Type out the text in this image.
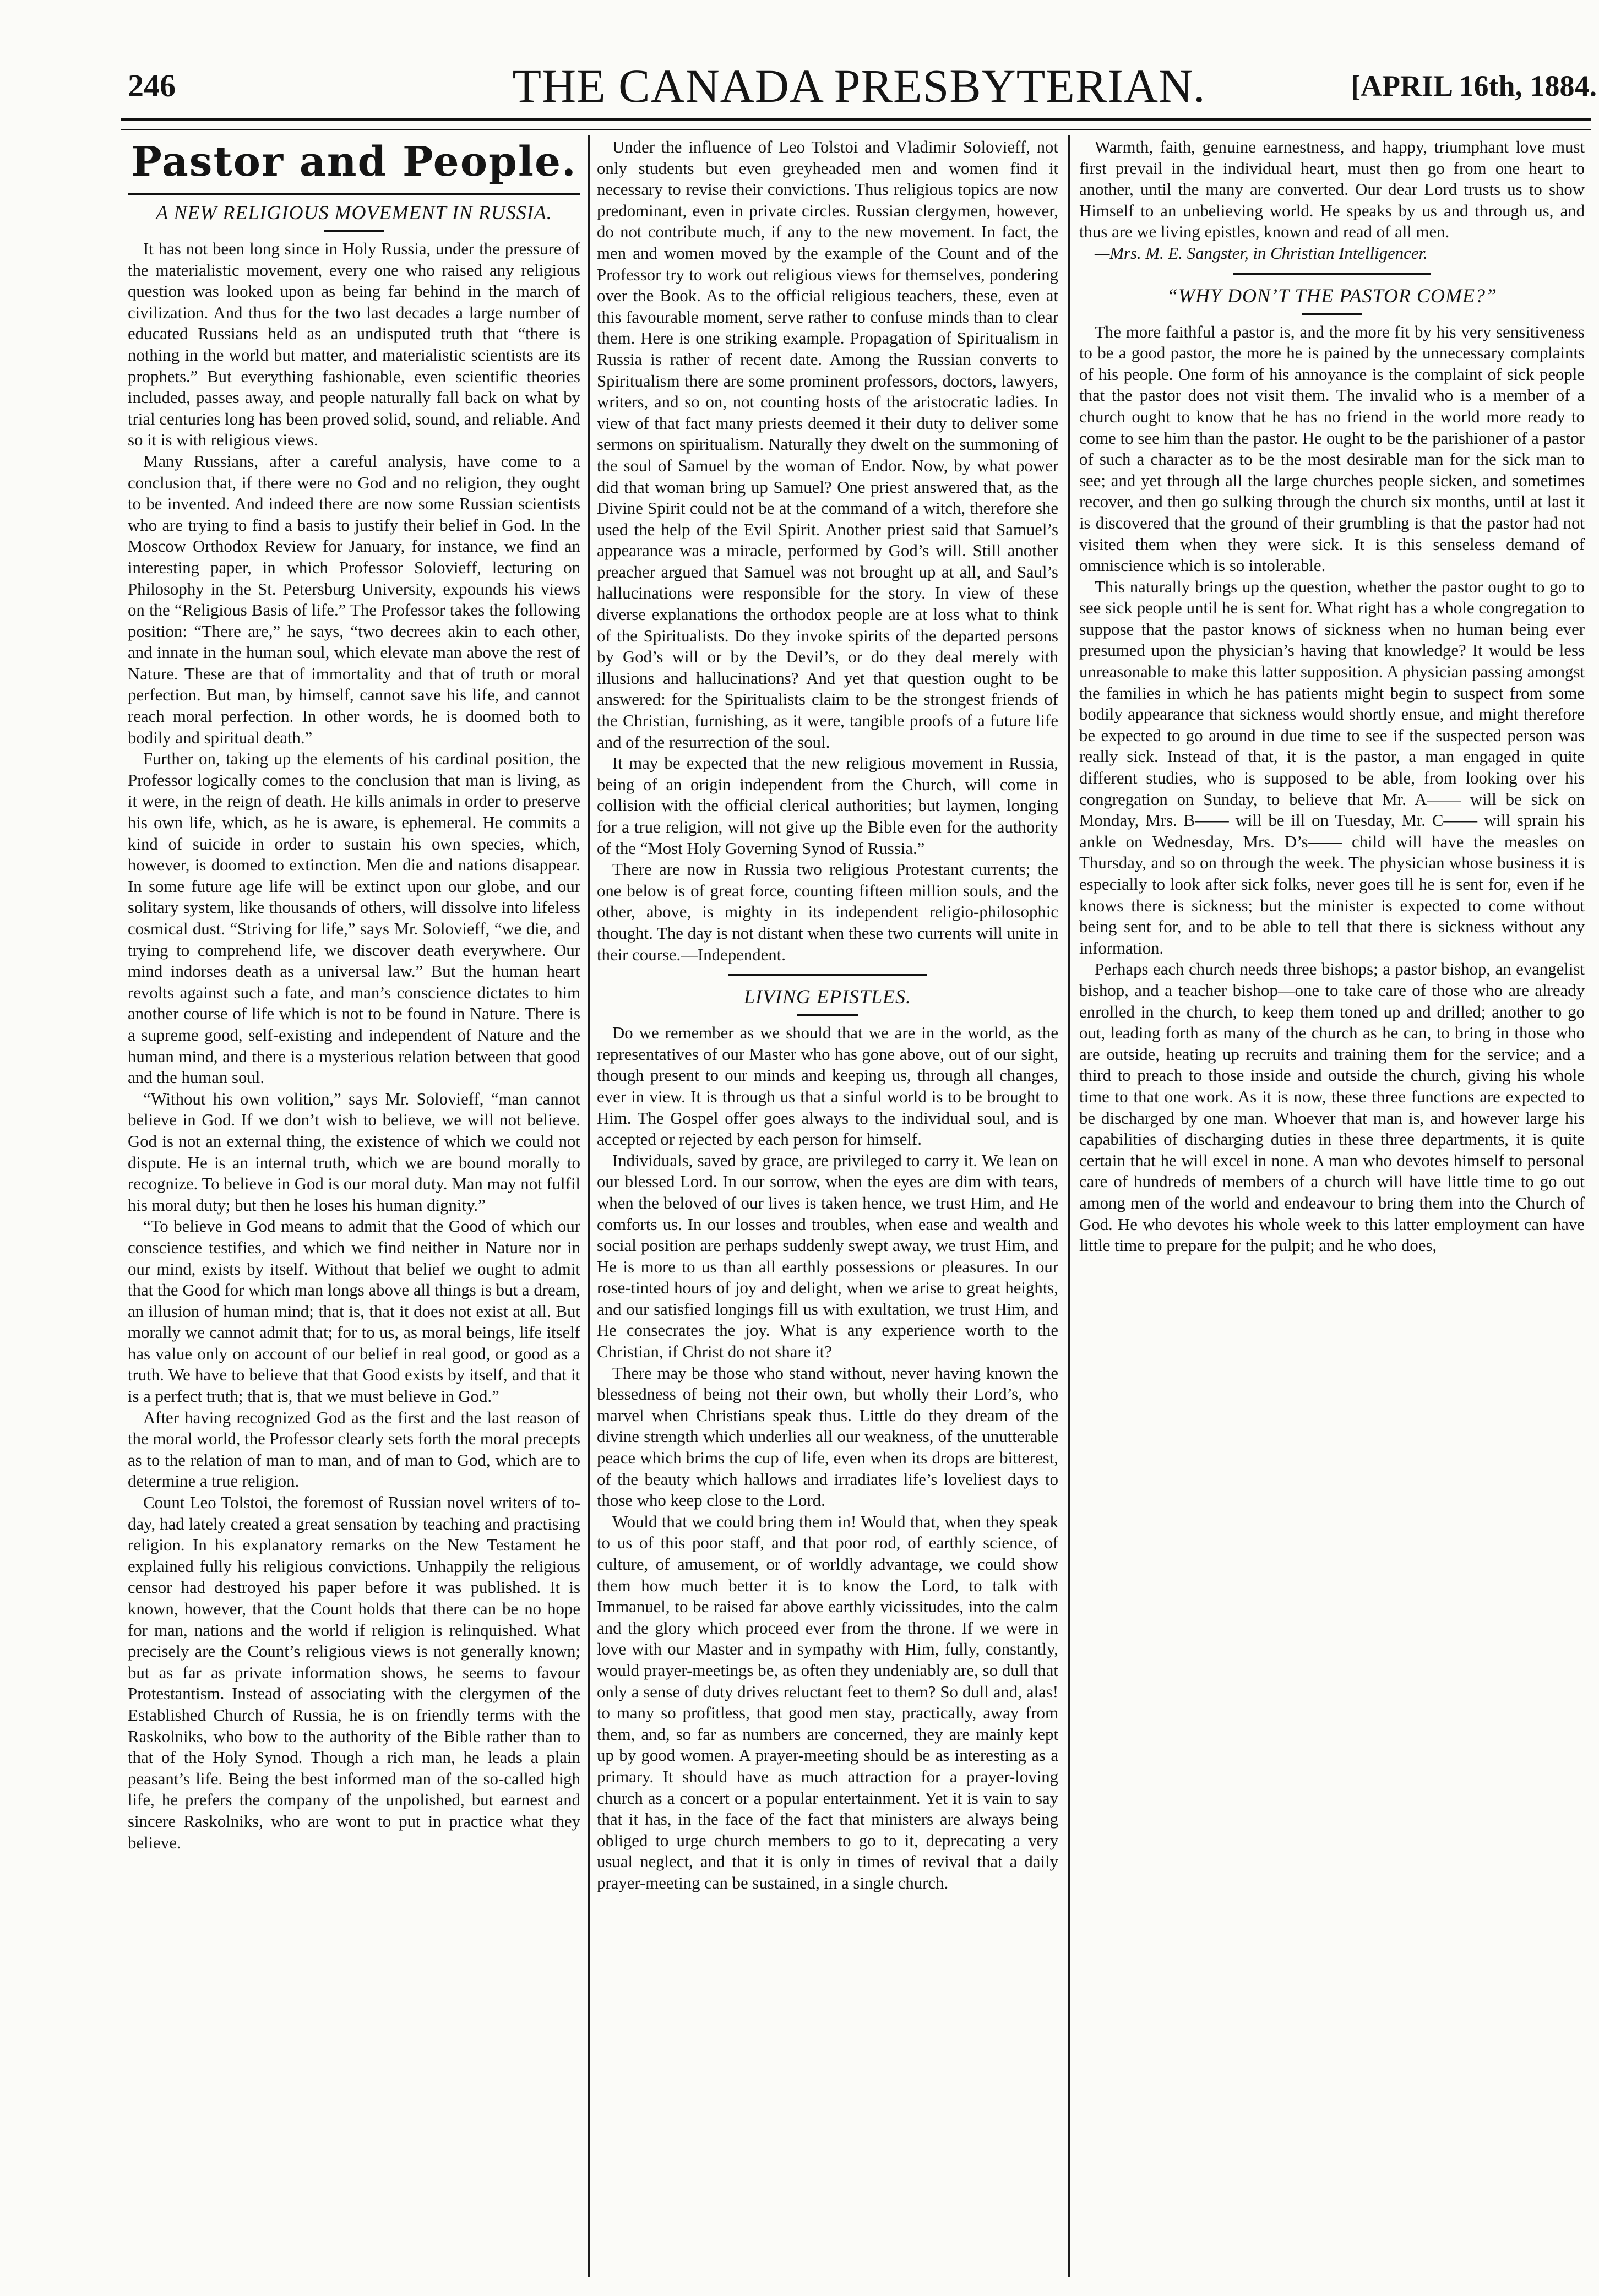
246	THE CANADA PRESBYTERIAN.	[APRIL 16th, 1884.
Pastor and People.
A NEW RELIGIOUS MOVEMENT IN RUSSIA.

It has not been long since in Holy Russia, under the pressure of the materialistic movement, every one who raised any religious question was looked upon as being far behind in the march of civilization. And thus for the two last decades a large number of educated Russians held as an undisputed truth that “there is nothing in the world but matter, and materialistic scientists are its prophets.” But everything fashionable, even scientific theories included, passes away, and people naturally fall back on what by trial centuries long has been proved solid, sound, and reliable. And so it is with religious views.

Many Russians, after a careful analysis, have come to a conclusion that, if there were no God and no religion, they ought to be invented. And indeed there are now some Russian scientists who are trying to find a basis to justify their belief in God. In the Moscow Orthodox Review for January, for instance, we find an interesting paper, in which Professor Solovieff, lecturing on Philosophy in the St. Petersburg University, expounds his views on the “Religious Basis of life.” The Professor takes the following position: “There are,” he says, “two decrees akin to each other, and innate in the human soul, which elevate man above the rest of Nature. These are that of immortality and that of truth or moral perfection. But man, by himself, cannot save his life, and cannot reach moral perfection. In other words, he is doomed both to bodily and spiritual death.”

Further on, taking up the elements of his cardinal position, the Professor logically comes to the conclusion that man is living, as it were, in the reign of death. He kills animals in order to preserve his own life, which, as he is aware, is ephemeral. He commits a kind of suicide in order to sustain his own species, which, however, is doomed to extinction. Men die and nations disappear. In some future age life will be extinct upon our globe, and our solitary system, like thousands of others, will dissolve into lifeless cosmical dust. “Striving for life,” says Mr. Solovieff, “we die, and trying to comprehend life, we discover death everywhere. Our mind indorses death as a universal law.” But the human heart revolts against such a fate, and man’s conscience dictates to him another course of life which is not to be found in Nature. There is a supreme good, self-existing and independent of Nature and the human mind, and there is a mysterious relation between that good and the human soul.

“Without his own volition,” says Mr. Solovieff, “man cannot believe in God. If we don’t wish to believe, we will not believe. God is not an external thing, the existence of which we could not dispute. He is an internal truth, which we are bound morally to recognize. To believe in God is our moral duty. Man may not fulfil his moral duty; but then he loses his human dignity.”

“To believe in God means to admit that the Good of which our conscience testifies, and which we find neither in Nature nor in our mind, exists by itself. Without that belief we ought to admit that the Good for which man longs above all things is but a dream, an illusion of human mind; that is, that it does not exist at all. But morally we cannot admit that; for to us, as moral beings, life itself has value only on account of our belief in real good, or good as a truth. We have to believe that that Good exists by itself, and that it is a perfect truth; that is, that we must believe in God.”

After having recognized God as the first and the last reason of the moral world, the Professor clearly sets forth the moral precepts as to the relation of man to man, and of man to God, which are to determine a true religion.

Count Leo Tolstoi, the foremost of Russian novel writers of to-day, had lately created a great sensation by teaching and practising religion. In his explanatory remarks on the New Testament he explained fully his religious convictions. Unhappily the religious censor had destroyed his paper before it was published. It is known, however, that the Count holds that there can be no hope for man, nations and the world if religion is relinquished. What precisely are the Count’s religious views is not generally known; but as far as private information shows, he seems to favour Protestantism. Instead of associating with the clergymen of the Established Church of Russia, he is on friendly terms with the Raskolniks, who bow to the authority of the Bible rather than to that of the Holy Synod. Though a rich man, he leads a plain peasant’s life. Being the best informed man of the so-called high life, he prefers the company of the unpolished, but earnest and sincere Raskolniks, who are wont to put in practice what they believe.

Under the influence of Leo Tolstoi and Vladimir Solovieff, not only students but even greyheaded men and women find it necessary to revise their convictions. Thus religious topics are now predominant, even in private circles. Russian clergymen, however, do not contribute much, if any to the new movement. In fact, the men and women moved by the example of the Count and of the Professor try to work out religious views for themselves, pondering over the Book. As to the official religious teachers, these, even at this favourable moment, serve rather to confuse minds than to clear them. Here is one striking example. Propagation of Spiritualism in Russia is rather of recent date. Among the Russian converts to Spiritualism there are some prominent professors, doctors, lawyers, writers, and so on, not counting hosts of the aristocratic ladies. In view of that fact many priests deemed it their duty to deliver some sermons on spiritualism. Naturally they dwelt on the summoning of the soul of Samuel by the woman of Endor. Now, by what power did that woman bring up Samuel? One priest answered that, as the Divine Spirit could not be at the command of a witch, therefore she used the help of the Evil Spirit. Another priest said that Samuel’s appearance was a miracle, performed by God’s will. Still another preacher argued that Samuel was not brought up at all, and Saul’s hallucinations were responsible for the story. In view of these diverse explanations the orthodox people are at loss what to think of the Spiritualists. Do they invoke spirits of the departed persons by God’s will or by the Devil’s, or do they deal merely with illusions and hallucinations? And yet that question ought to be answered: for the Spiritualists claim to be the strongest friends of the Christian, furnishing, as it were, tangible proofs of a future life and of the resurrection of the soul.

It may be expected that the new religious movement in Russia, being of an origin independent from the Church, will come in collision with the official clerical authorities; but laymen, longing for a true religion, will not give up the Bible even for the authority of the “Most Holy Governing Synod of Russia.”

There are now in Russia two religious Protestant currents; the one below is of great force, counting fifteen million souls, and the other, above, is mighty in its independent religio-philosophic thought. The day is not distant when these two currents will unite in their course.—Independent.

LIVING EPISTLES.

Do we remember as we should that we are in the world, as the representatives of our Master who has gone above, out of our sight, though present to our minds and keeping us, through all changes, ever in view. It is through us that a sinful world is to be brought to Him. The Gospel offer goes always to the individual soul, and is accepted or rejected by each person for himself.

Individuals, saved by grace, are privileged to carry it. We lean on our blessed Lord. In our sorrow, when the eyes are dim with tears, when the beloved of our lives is taken hence, we trust Him, and He comforts us. In our losses and troubles, when ease and wealth and social position are perhaps suddenly swept away, we trust Him, and He is more to us than all earthly possessions or pleasures. In our rose-tinted hours of joy and delight, when we arise to great heights, and our satisfied longings fill us with exultation, we trust Him, and He consecrates the joy. What is any experience worth to the Christian, if Christ do not share it?

There may be those who stand without, never having known the blessedness of being not their own, but wholly their Lord’s, who marvel when Christians speak thus. Little do they dream of the divine strength which underlies all our weakness, of the unutterable peace which brims the cup of life, even when its drops are bitterest, of the beauty which hallows and irradiates life’s loveliest days to those who keep close to the Lord.

Would that we could bring them in! Would that, when they speak to us of this poor staff, and that poor rod, of earthly science, of culture, of amusement, or of worldly advantage, we could show them how much better it is to know the Lord, to talk with Immanuel, to be raised far above earthly vicissitudes, into the calm and the glory which proceed ever from the throne. If we were in love with our Master and in sympathy with Him, fully, constantly, would prayer-meetings be, as often they undeniably are, so dull that only a sense of duty drives reluctant feet to them? So dull and, alas! to many so profitless, that good men stay, practically, away from them, and, so far as numbers are concerned, they are mainly kept up by good women. A prayer-meeting should be as interesting as a primary. It should have as much attraction for a prayer-loving church as a concert or a popular entertainment. Yet it is vain to say that it has, in the face of the fact that ministers are always being obliged to urge church members to go to it, deprecating a very usual neglect, and that it is only in times of revival that a daily prayer-meeting can be sustained, in a single church.

Warmth, faith, genuine earnestness, and happy, triumphant love must first prevail in the individual heart, must then go from one heart to another, until the many are converted. Our dear Lord trusts us to show Himself to an unbelieving world. He speaks by us and through us, and thus are we living epistles, known and read of all men.

—Mrs. M. E. Sangster, in Christian Intelligencer.

“WHY DON’T THE PASTOR COME?”

The more faithful a pastor is, and the more fit by his very sensitiveness to be a good pastor, the more he is pained by the unnecessary complaints of his people. One form of his annoyance is the complaint of sick people that the pastor does not visit them. The invalid who is a member of a church ought to know that he has no friend in the world more ready to come to see him than the pastor. He ought to be the parishioner of a pastor of such a character as to be the most desirable man for the sick man to see; and yet through all the large churches people sicken, and sometimes recover, and then go sulking through the church six months, until at last it is discovered that the ground of their grumbling is that the pastor had not visited them when they were sick. It is this senseless demand of omniscience which is so intolerable.

This naturally brings up the question, whether the pastor ought to go to see sick people until he is sent for. What right has a whole congregation to suppose that the pastor knows of sickness when no human being ever presumed upon the physician’s having that knowledge? It would be less unreasonable to make this latter supposition. A physician passing amongst the families in which he has patients might begin to suspect from some bodily appearance that sickness would shortly ensue, and might therefore be expected to go around in due time to see if the suspected person was really sick. Instead of that, it is the pastor, a man engaged in quite different studies, who is supposed to be able, from looking over his congregation on Sunday, to believe that Mr. A—— will be sick on Monday, Mrs. B—— will be ill on Tuesday, Mr. C—— will sprain his ankle on Wednesday, Mrs. D’s—— child will have the measles on Thursday, and so on through the week. The physician whose business it is especially to look after sick folks, never goes till he is sent for, even if he knows there is sickness; but the minister is expected to come without being sent for, and to be able to tell that there is sickness without any information.

Perhaps each church needs three bishops; a pastor bishop, an evangelist bishop, and a teacher bishop—one to take care of those who are already enrolled in the church, to keep them toned up and drilled; another to go out, leading forth as many of the church as he can, to bring in those who are outside, heating up recruits and training them for the service; and a third to preach to those inside and outside the church, giving his whole time to that one work. As it is now, these three functions are expected to be discharged by one man. Whoever that man is, and however large his capabilities of discharging duties in these three departments, it is quite certain that he will excel in none. A man who devotes himself to personal care of hundreds of members of a church will have little time to go out among men of the world and endeavour to bring them into the Church of God. He who devotes his whole week to this latter employment can have little time to prepare for the pulpit; and he who does,
